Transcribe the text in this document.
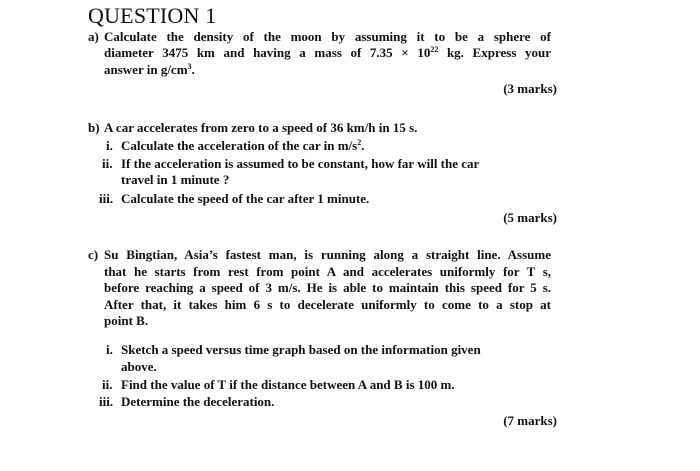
QUESTION 1
a) Calculate the density of the moon by assuming it to be a sphere of
diameter 3475 km and having a mass of $7.35 \times 10^{22}$ kg. Express your
answer in $g/cm^3$.
(3 marks)
b) A car accelerates from zero to a speed of 36 km/h in 15 s.
i. Calculate the acceleration of the car in $m/s^2$.
ii. If the acceleration is assumed to be constant, how far will the car
travel in 1 minute ?
iii. Calculate the speed of the car after 1 minute.
(5 marks)
c) Su Bingtian, Asia’s fastest man, is running along a straight line. Assume
that he starts from rest from point A and accelerates uniformly for T s,
before reaching a speed of 3 m/s. He is able to maintain this speed for 5 s.
After that, it takes him 6 s to decelerate uniformly to come to a stop at
point B.
i. Sketch a speed versus time graph based on the information given
above.
ii. Find the value of T if the distance between A and B is 100 m.
iii. Determine the deceleration.
(7 marks)
